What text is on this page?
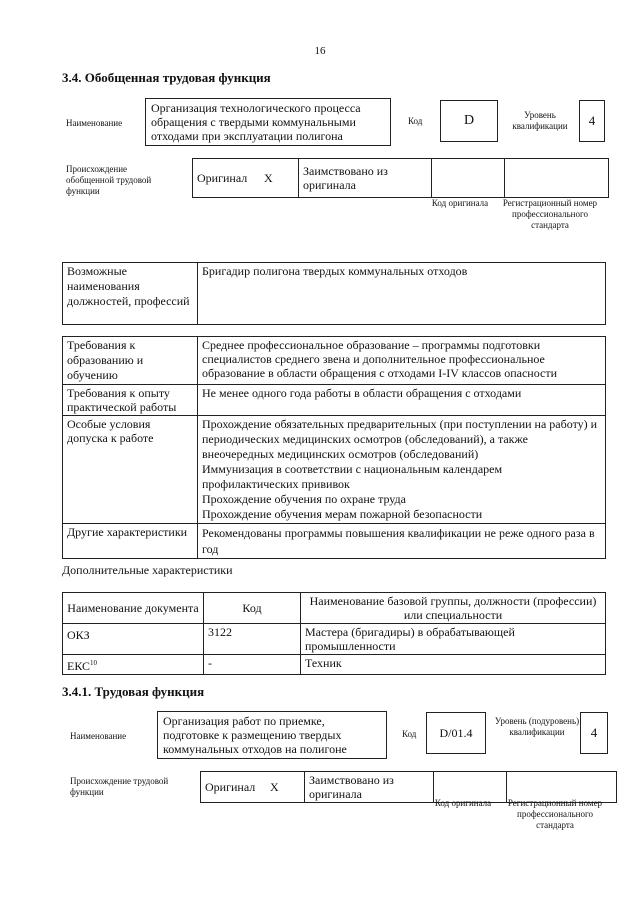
16
3.4. Обобщенная трудовая функция
Наименование
Организация технологического процесса обращения с твердыми коммунальными отходами при эксплуатации полигона
Код	D	Уровень квалификации	4
Происхождение обобщенной трудовой функции
Оригинал	X	Заимствовано из оригинала		
Код оригинала	Регистрационный номер профессионального стандарта
Возможные наименования должностей, профессий	Бригадир полигона твердых коммунальных отходов
Требования к образованию и обучению	Среднее профессиональное образование – программы подготовки специалистов среднего звена и дополнительное профессиональное образование в области обращения с отходами I-IV классов опасности
Требования к опыту практической работы	Не менее одного года работы в области обращения с отходами
Особые условия допуска к работе	Прохождение обязательных предварительных (при поступлении на работу) и периодических медицинских осмотров (обследований), а также внеочередных медицинских осмотров (обследований)
Иммунизация в соответствии с национальным календарем профилактических прививок
Прохождение обучения по охране труда
Прохождение обучения мерам пожарной безопасности
Другие характеристики	Рекомендованы программы повышения квалификации не реже одного раза в год
Дополнительные характеристики
Наименование документа	Код	Наименование базовой группы, должности (профессии) или специальности
ОКЗ	3122	Мастера (бригадиры) в обрабатывающей промышленности
ЕКС$^{10}$	-	Техник
3.4.1. Трудовая функция
Наименование
Организация работ по приемке, подготовке к размещению твердых коммунальных отходов на полигоне
Код	D/01.4
Уровень (подуровень) квалификации	4
Происхождение трудовой функции	Оригинал	X	Заимствовано из оригинала		
Код оригинала	Регистрационный номер профессионального стандарта
